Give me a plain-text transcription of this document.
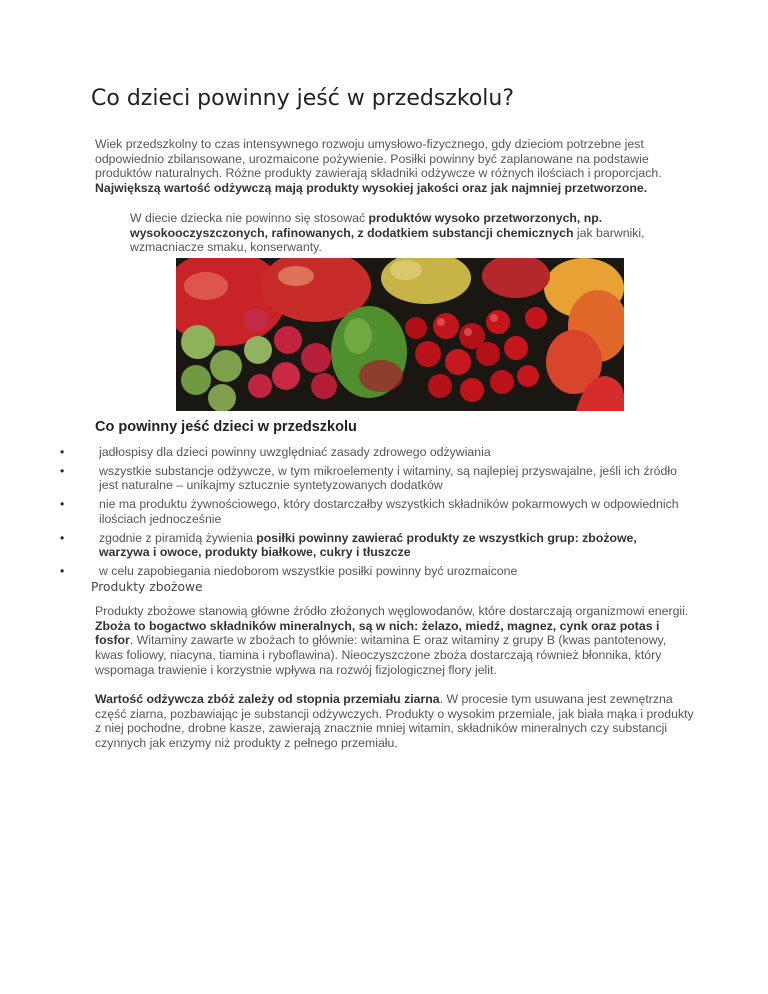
Co dzieci powinny jeść w przedszkolu?

Wiek przedszkolny to czas intensywnego rozwoju umysłowo-fizycznego, gdy dzieciom potrzebne jest odpowiednio zbilansowane, urozmaicone pożywienie. Posiłki powinny być zaplanowane na podstawie produktów naturalnych. Różne produkty zawierają składniki odżywcze w różnych ilościach i proporcjach. Największą wartość odżywczą mają produkty wysokiej jakości oraz jak najmniej przetworzone.

W diecie dziecka nie powinno się stosować produktów wysoko przetworzonych, np. wysokooczyszczonych, rafinowanych, z dodatkiem substancji chemicznych jak barwniki, wzmacniacze smaku, konserwanty.

Co powinny jeść dzieci w przedszkolu
•	jadłospisy dla dzieci powinny uwzględniać zasady zdrowego odżywiania
•	wszystkie substancje odżywcze, w tym mikroelementy i witaminy, są najlepiej przyswajalne, jeśli ich źródło jest naturalne – unikajmy sztucznie syntetyzowanych dodatków
•	nie ma produktu żywnościowego, który dostarczałby wszystkich składników pokarmowych w odpowiednich ilościach jednocześnie
•	zgodnie z piramidą żywienia posiłki powinny zawierać produkty ze wszystkich grup: zbożowe, warzywa i owoce, produkty białkowe, cukry i tłuszcze
•	w celu zapobiegania niedoborom wszystkie posiłki powinny być urozmaicone
Produkty zbożowe

Produkty zbożowe stanowią główne źródło złożonych węglowodanów, które dostarczają organizmowi energii. Zboża to bogactwo składników mineralnych, są w nich: żelazo, miedź, magnez, cynk oraz potas i fosfor. Witaminy zawarte w zbożach to głównie: witamina E oraz witaminy z grupy B (kwas pantotenowy, kwas foliowy, niacyna, tiamina i ryboflawina). Nieoczyszczone zboża dostarczają również błonnika, który wspomaga trawienie i korzystnie wpływa na rozwój fizjologicznej flory jelit.

Wartość odżywcza zbóż zależy od stopnia przemiału ziarna. W procesie tym usuwana jest zewnętrzna część ziarna, pozbawiając je substancji odżywczych. Produkty o wysokim przemiale, jak biała mąka i produkty z niej pochodne, drobne kasze, zawierają znacznie mniej witamin, składników mineralnych czy substancji czynnych jak enzymy niż produkty z pełnego przemiału.
